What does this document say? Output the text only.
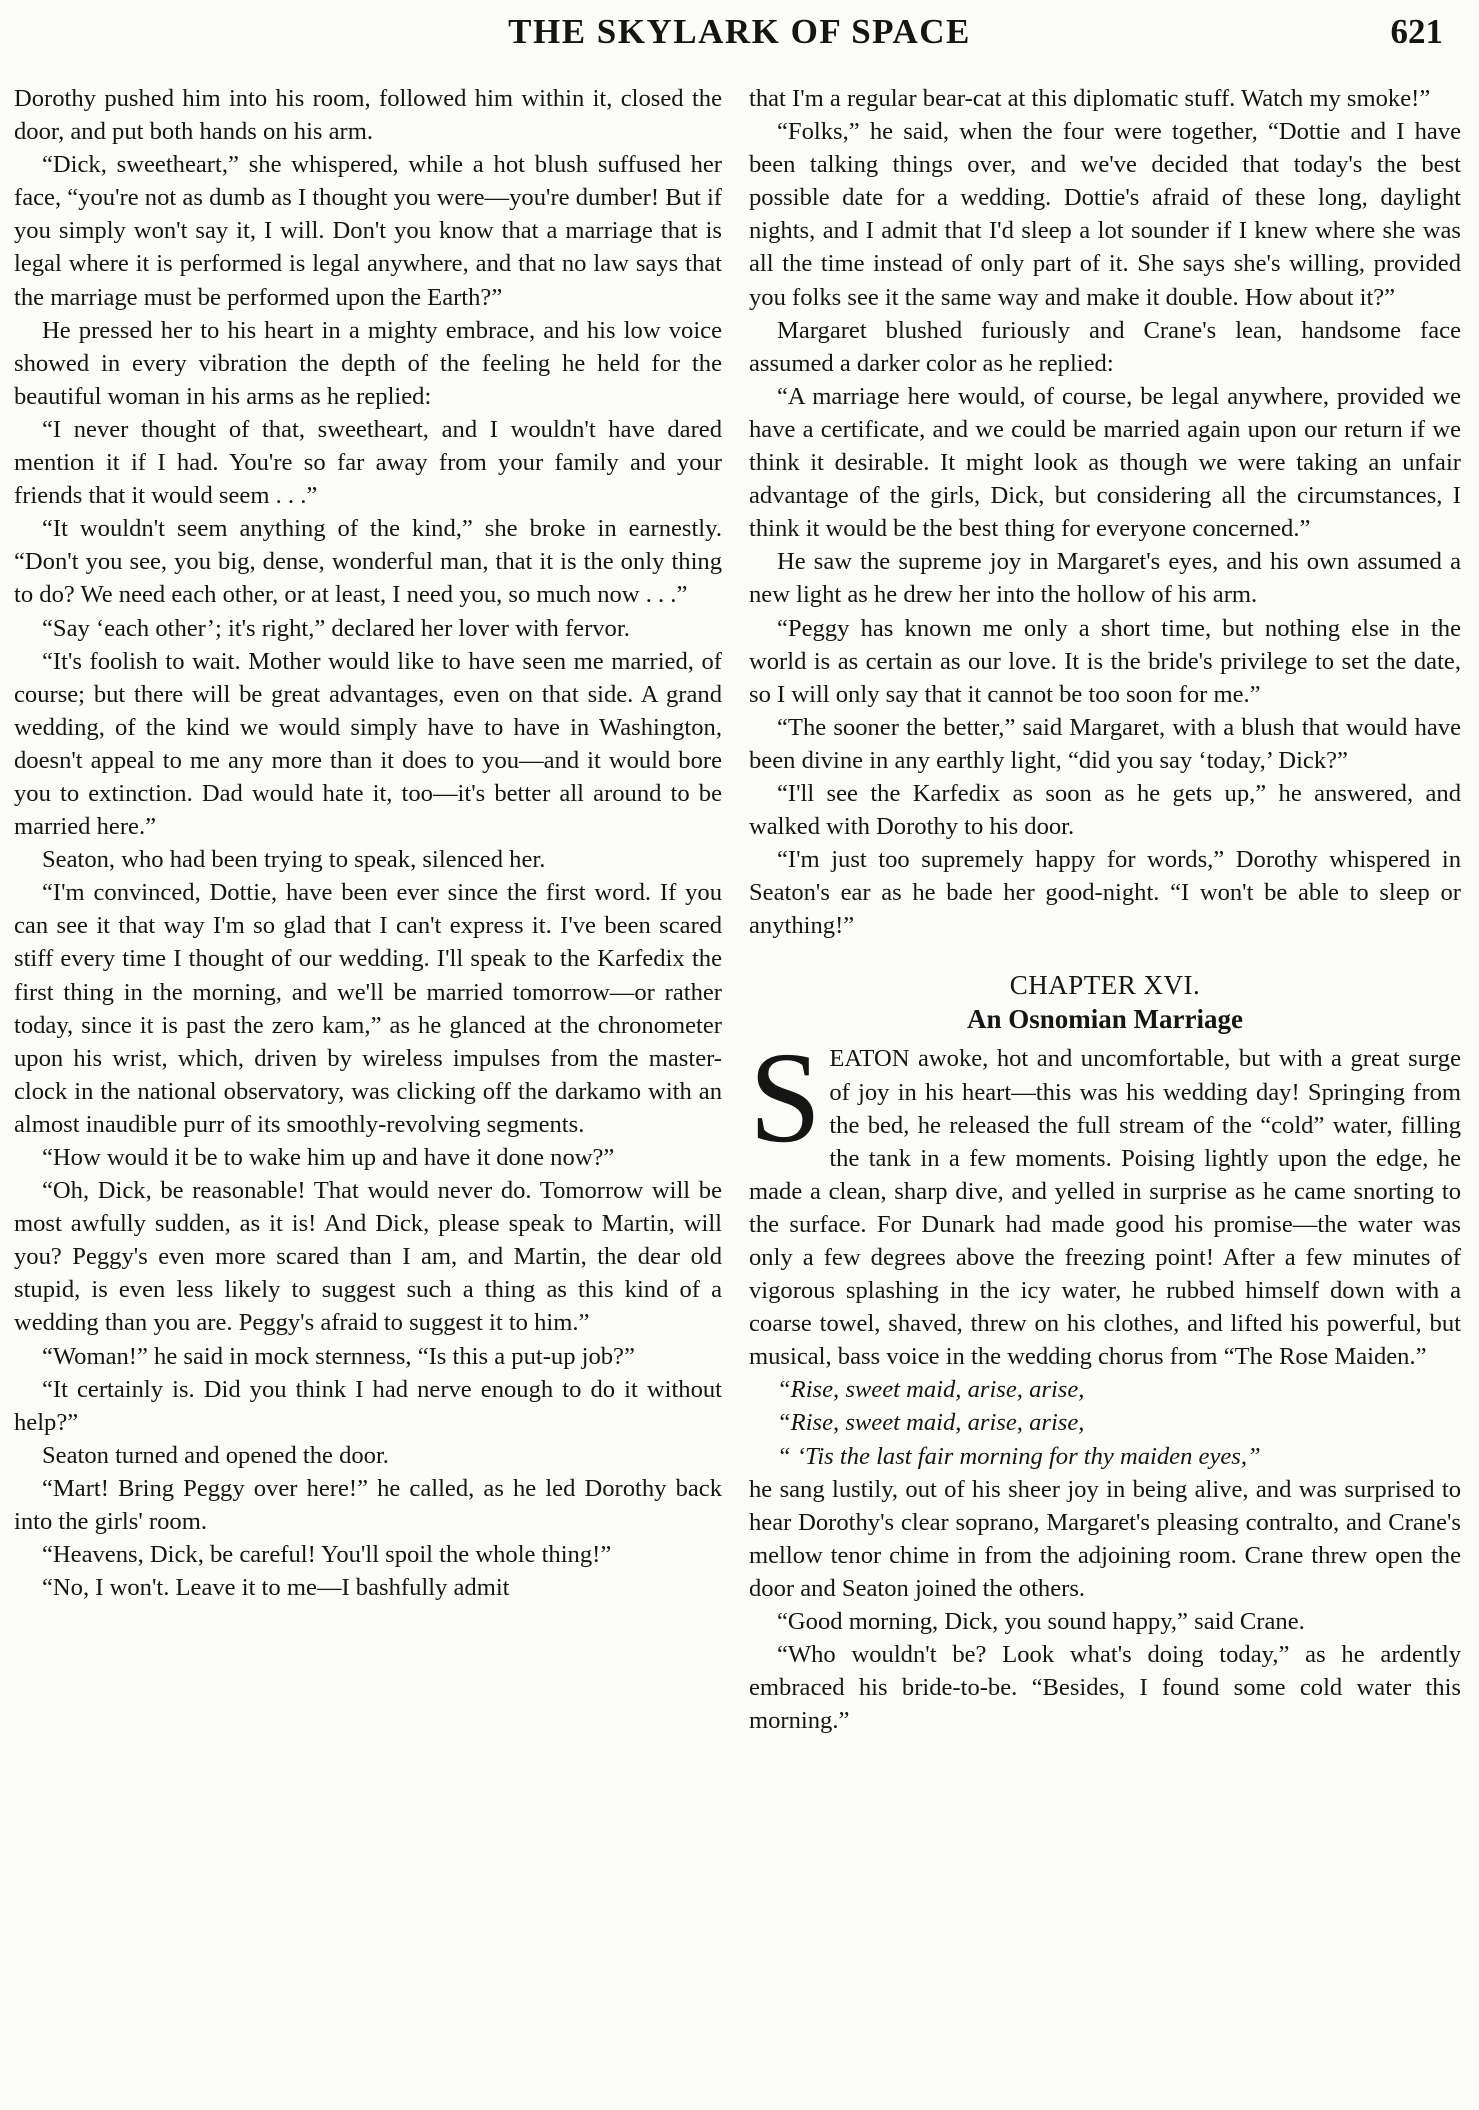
THE SKYLARK OF SPACE	621

Dorothy pushed him into his room, followed him within it, closed the door, and put both hands on his arm.

“Dick, sweetheart,” she whispered, while a hot blush suffused her face, “you're not as dumb as I thought you were—you're dumber! But if you simply won't say it, I will. Don't you know that a marriage that is legal where it is performed is legal anywhere, and that no law says that the marriage must be performed upon the Earth?”

He pressed her to his heart in a mighty embrace, and his low voice showed in every vibration the depth of the feeling he held for the beautiful woman in his arms as he replied:

“I never thought of that, sweetheart, and I wouldn't have dared mention it if I had. You're so far away from your family and your friends that it would seem . . .”

“It wouldn't seem anything of the kind,” she broke in earnestly. “Don't you see, you big, dense, wonderful man, that it is the only thing to do? We need each other, or at least, I need you, so much now . . .”

“Say ‘each other’; it's right,” declared her lover with fervor.

“It's foolish to wait. Mother would like to have seen me married, of course; but there will be great advantages, even on that side. A grand wedding, of the kind we would simply have to have in Washington, doesn't appeal to me any more than it does to you—and it would bore you to extinction. Dad would hate it, too—it's better all around to be married here.”

Seaton, who had been trying to speak, silenced her.

“I'm convinced, Dottie, have been ever since the first word. If you can see it that way I'm so glad that I can't express it. I've been scared stiff every time I thought of our wedding. I'll speak to the Karfedix the first thing in the morning, and we'll be married tomorrow—or rather today, since it is past the zero kam,” as he glanced at the chronometer upon his wrist, which, driven by wireless impulses from the master-clock in the national observatory, was clicking off the darkamo with an almost inaudible purr of its smoothly-revolving segments.

“How would it be to wake him up and have it done now?”

“Oh, Dick, be reasonable! That would never do. Tomorrow will be most awfully sudden, as it is! And Dick, please speak to Martin, will you? Peggy's even more scared than I am, and Martin, the dear old stupid, is even less likely to suggest such a thing as this kind of a wedding than you are. Peggy's afraid to suggest it to him.”

“Woman!” he said in mock sternness, “Is this a put-up job?”

“It certainly is. Did you think I had nerve enough to do it without help?”

Seaton turned and opened the door.

“Mart! Bring Peggy over here!” he called, as he led Dorothy back into the girls' room.

“Heavens, Dick, be careful! You'll spoil the whole thing!”

“No, I won't. Leave it to me—I bashfully admit

that I'm a regular bear-cat at this diplomatic stuff. Watch my smoke!”

“Folks,” he said, when the four were together, “Dottie and I have been talking things over, and we've decided that today's the best possible date for a wedding. Dottie's afraid of these long, daylight nights, and I admit that I'd sleep a lot sounder if I knew where she was all the time instead of only part of it. She says she's willing, provided you folks see it the same way and make it double. How about it?”

Margaret blushed furiously and Crane's lean, handsome face assumed a darker color as he replied:

“A marriage here would, of course, be legal anywhere, provided we have a certificate, and we could be married again upon our return if we think it desirable. It might look as though we were taking an unfair advantage of the girls, Dick, but considering all the circumstances, I think it would be the best thing for everyone concerned.”

He saw the supreme joy in Margaret's eyes, and his own assumed a new light as he drew her into the hollow of his arm.

“Peggy has known me only a short time, but nothing else in the world is as certain as our love. It is the bride's privilege to set the date, so I will only say that it cannot be too soon for me.”

“The sooner the better,” said Margaret, with a blush that would have been divine in any earthly light, “did you say ‘today,’ Dick?”

“I'll see the Karfedix as soon as he gets up,” he answered, and walked with Dorothy to his door.

“I'm just too supremely happy for words,” Dorothy whispered in Seaton's ear as he bade her good-night. “I won't be able to sleep or anything!”

CHAPTER XVI.
An Osnomian Marriage

SEATON awoke, hot and uncomfortable, but with a great surge of joy in his heart—this was his wedding day! Springing from the bed, he released the full stream of the “cold” water, filling the tank in a few moments. Poising lightly upon the edge, he made a clean, sharp dive, and yelled in surprise as he came snorting to the surface. For Dunark had made good his promise—the water was only a few degrees above the freezing point! After a few minutes of vigorous splashing in the icy water, he rubbed himself down with a coarse towel, shaved, threw on his clothes, and lifted his powerful, but musical, bass voice in the wedding chorus from “The Rose Maiden.”

“Rise, sweet maid, arise, arise,

“Rise, sweet maid, arise, arise,

“ ‘Tis the last fair morning for thy maiden eyes,”

he sang lustily, out of his sheer joy in being alive, and was surprised to hear Dorothy's clear soprano, Margaret's pleasing contralto, and Crane's mellow tenor chime in from the adjoining room. Crane threw open the door and Seaton joined the others.

“Good morning, Dick, you sound happy,” said Crane.

“Who wouldn't be? Look what's doing today,” as he ardently embraced his bride-to-be. “Besides, I found some cold water this morning.”
